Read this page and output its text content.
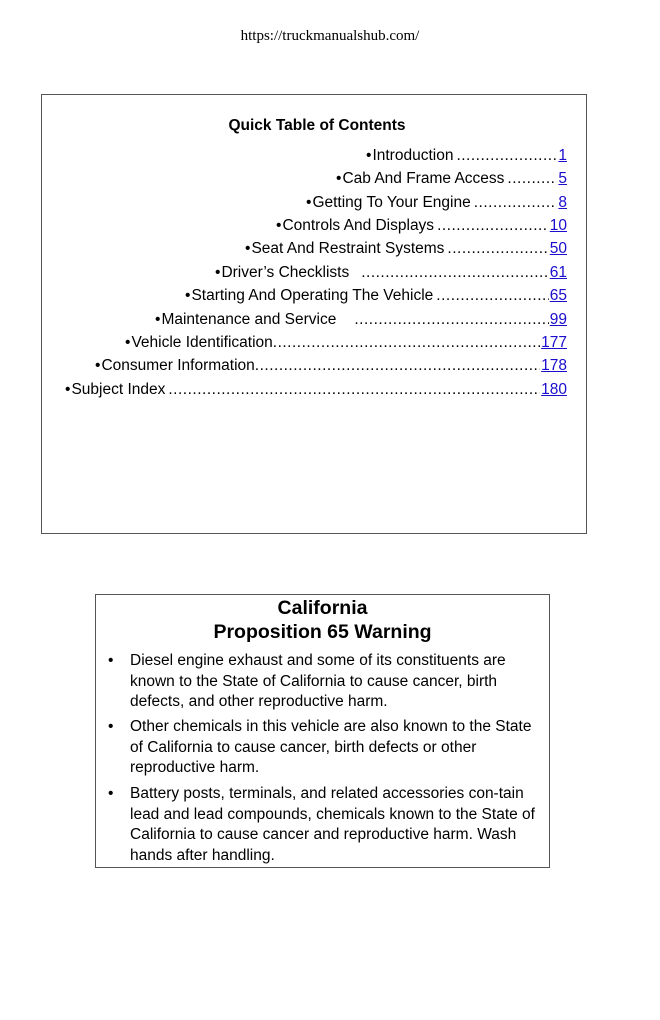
https://truckmanualshub.com/
Quick Table of Contents
• Introduction .....	1
• Cab And Frame Access .....	5
• Getting To Your Engine .....	8
• Controls And Displays .....	10
• Seat And Restraint Systems .....	50
• Driver’s Checklists .....	61
• Starting And Operating The Vehicle .....	65
• Maintenance and Service .....	99
• Vehicle Identification .....	177
• Consumer Information .....	178
• Subject Index .....	180
California
Proposition 65 Warning
• Diesel engine exhaust and some of its constituents are known to the State of California to cause cancer, birth defects, and other reproductive harm.
• Other chemicals in this vehicle are also known to the State of California to cause cancer, birth defects or other reproductive harm.
• Battery posts, terminals, and related accessories con-tain lead and lead compounds, chemicals known to the State of California to cause cancer and reproductive harm. Wash hands after handling.
